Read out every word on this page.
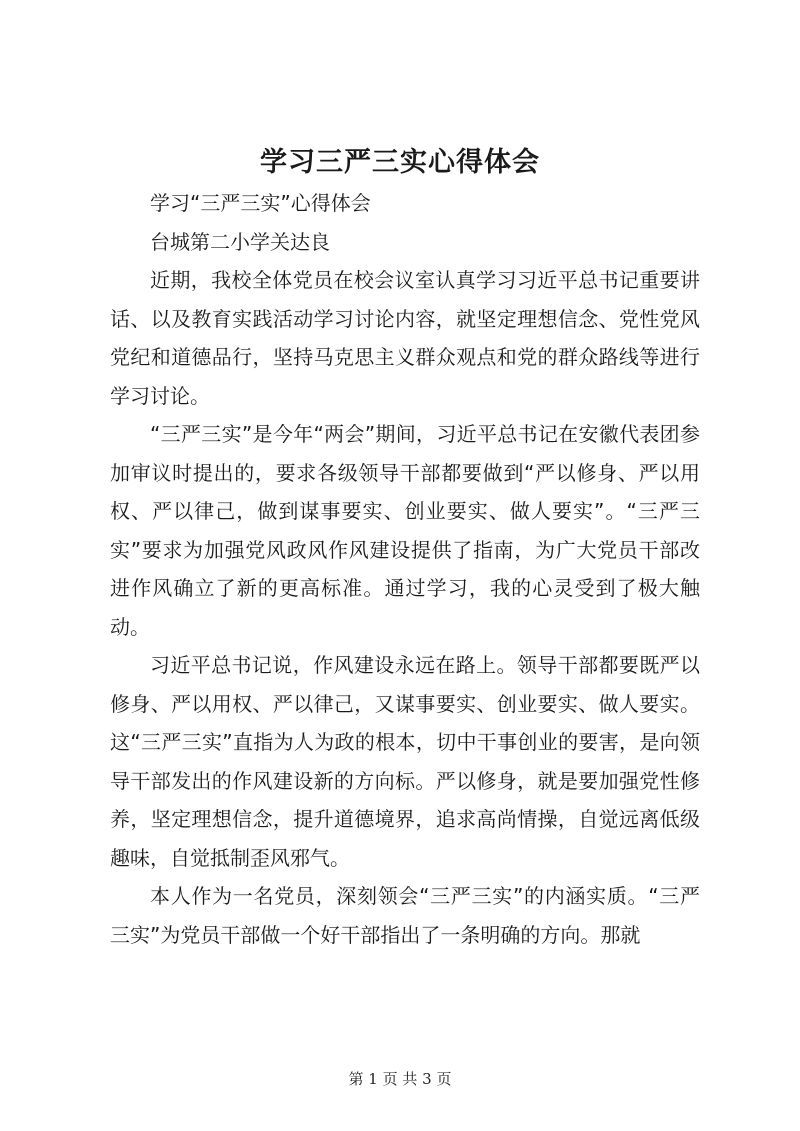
学习三严三实心得体会

学习“三严三实”心得体会

台城第二小学关达良

近期，我校全体党员在校会议室认真学习习近平总书记重要讲话、以及教育实践活动学习讨论内容，就坚定理想信念、党性党风党纪和道德品行，坚持马克思主义群众观点和党的群众路线等进行学习讨论。

“三严三实”是今年“两会”期间，习近平总书记在安徽代表团参加审议时提出的，要求各级领导干部都要做到“严以修身、严以用权、严以律己，做到谋事要实、创业要实、做人要实”。“三严三实”要求为加强党风政风作风建设提供了指南，为广大党员干部改进作风确立了新的更高标准。通过学习，我的心灵受到了极大触动。

习近平总书记说，作风建设永远在路上。领导干部都要既严以修身、严以用权、严以律己，又谋事要实、创业要实、做人要实。这“三严三实”直指为人为政的根本，切中干事创业的要害，是向领导干部发出的作风建设新的方向标。严以修身，就是要加强党性修养，坚定理想信念，提升道德境界，追求高尚情操，自觉远离低级趣味，自觉抵制歪风邪气。

本人作为一名党员，深刻领会“三严三实”的内涵实质。“三严三实”为党员干部做一个好干部指出了一条明确的方向。那就

第 1 页 共 3 页
